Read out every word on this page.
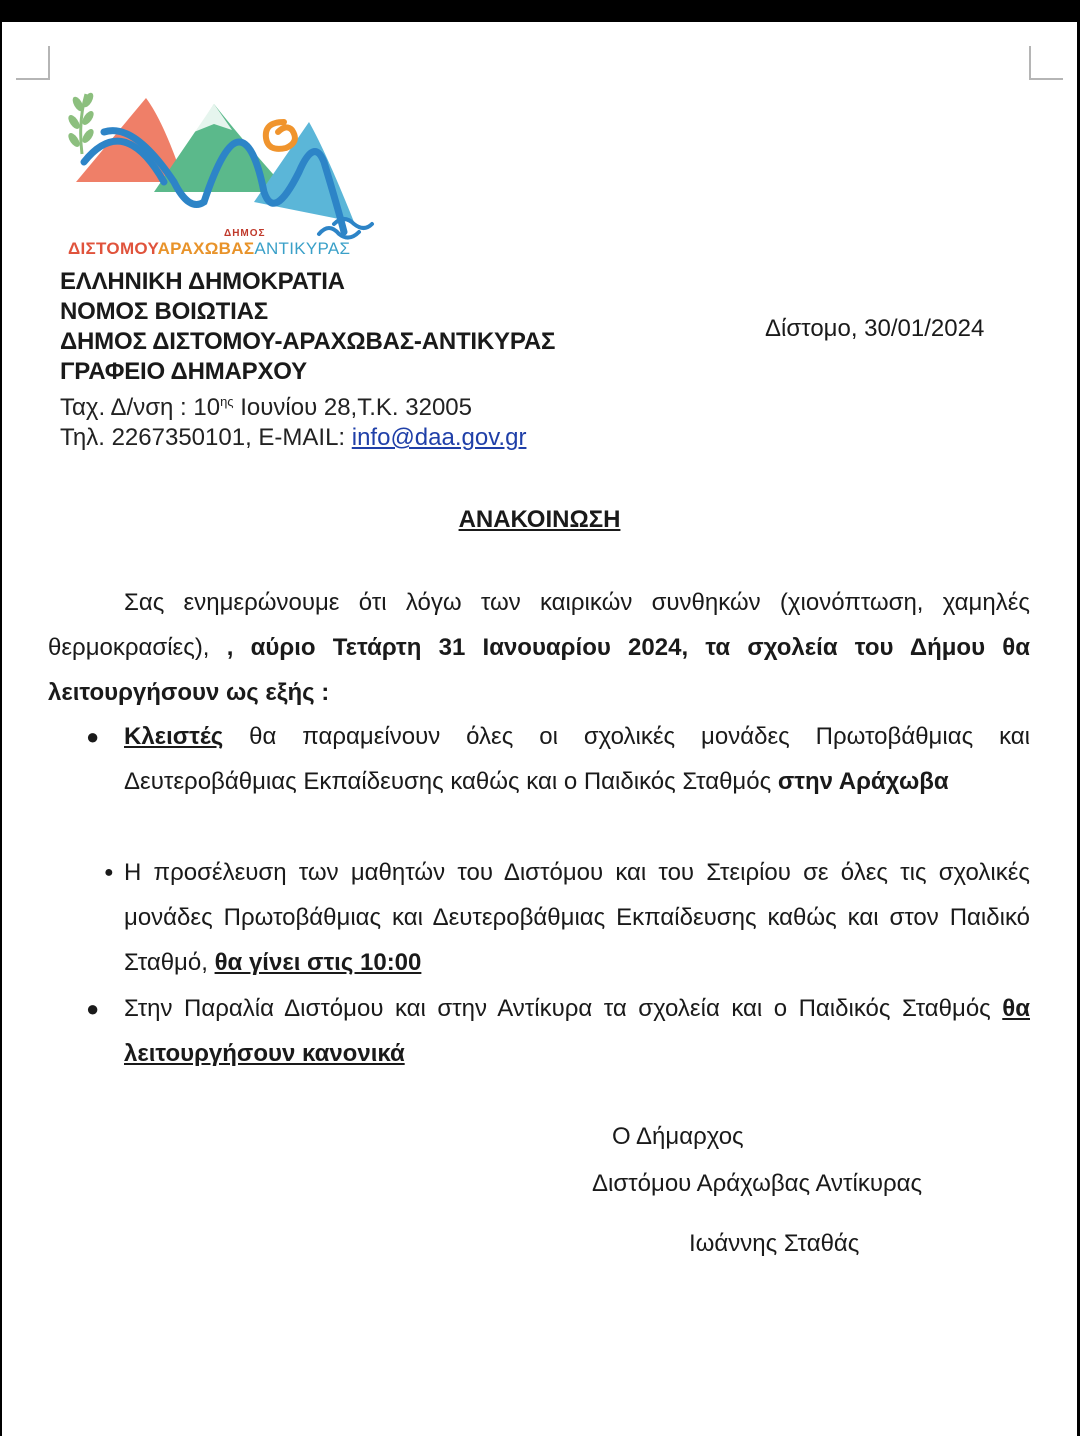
ΔΗΜΟΣ
ΔΙΣΤΟΜΟΥΑΡΑΧΩΒΑΣΑΝΤΙΚΥΡΑΣ
ΕΛΛΗΝΙΚΗ ΔΗΜΟΚΡΑΤΙΑ
ΝΟΜΟΣ ΒΟΙΩΤΙΑΣ
ΔΗΜΟΣ ΔΙΣΤΟΜΟΥ-ΑΡΑΧΩΒΑΣ-ΑΝΤΙΚΥΡΑΣ
ΓΡΑΦΕΙΟ ΔΗΜΑΡΧΟΥ
Ταχ. Δ/νση : $10^{\eta\varsigma}$ Ιουνίου 28,Τ.Κ. 32005
Τηλ. 2267350101, E-MAIL: info@daa.gov.gr
Δίστομο, 30/01/2024
ΑΝΑΚΟΙΝΩΣΗ
Σας ενημερώνουμε ότι λόγω των καιρικών συνθηκών (χιονόπτωση, χαμηλές θερμοκρασίες), , αύριο Τετάρτη 31 Ιανουαρίου 2024, τα σχολεία του Δήμου θα λειτουργήσουν ως εξής :
● Κλειστές θα παραμείνουν όλες οι σχολικές μονάδες Πρωτοβάθμιας και Δευτεροβάθμιας Εκπαίδευσης καθώς και ο Παιδικός Σταθμός στην Αράχωβα
● Η προσέλευση των μαθητών του Διστόμου και του Στειρίου σε όλες τις σχολικές μονάδες Πρωτοβάθμιας και Δευτεροβάθμιας Εκπαίδευσης καθώς και στον Παιδικό Σταθμό, θα γίνει στις 10:00
● Στην Παραλία Διστόμου και στην Αντίκυρα τα σχολεία και ο Παιδικός Σταθμός θα λειτουργήσουν κανονικά
Ο Δήμαρχος
Διστόμου Αράχωβας Αντίκυρας
Ιωάννης Σταθάς
